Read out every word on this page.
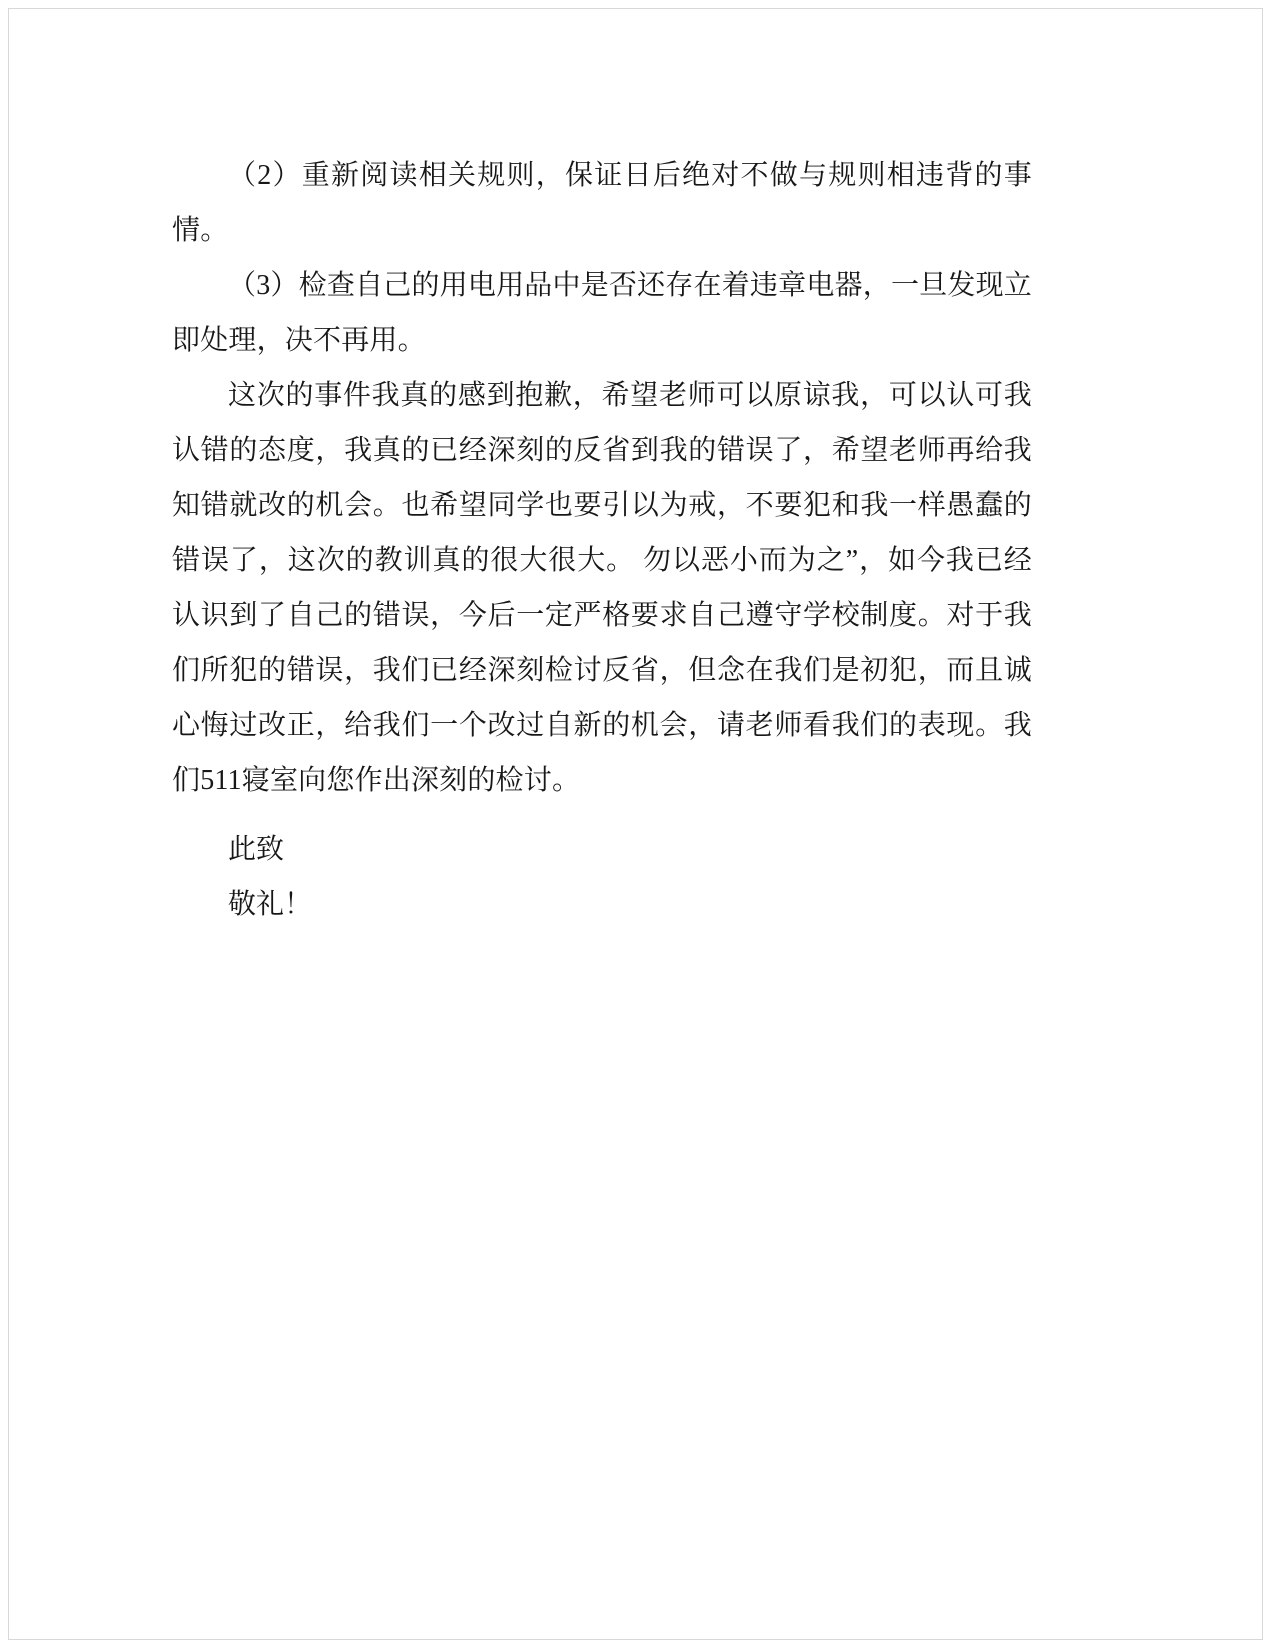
（2）重新阅读相关规则，保证日后绝对不做与规则相违背的事情。

（3）检查自己的用电用品中是否还存在着违章电器，一旦发现立即处理，决不再用。

这次的事件我真的感到抱歉，希望老师可以原谅我，可以认可我认错的态度，我真的已经深刻的反省到我的错误了，希望老师再给我知错就改的机会。也希望同学也要引以为戒，不要犯和我一样愚蠢的错误了，这次的教训真的很大很大。 勿以恶小而为之”，如今我已经认识到了自己的错误，今后一定严格要求自己遵守学校制度。对于我们所犯的错误，我们已经深刻检讨反省，但念在我们是初犯，而且诚心悔过改正，给我们一个改过自新的机会，请老师看我们的表现。我们511寝室向您作出深刻的检讨。

此致

敬礼！
